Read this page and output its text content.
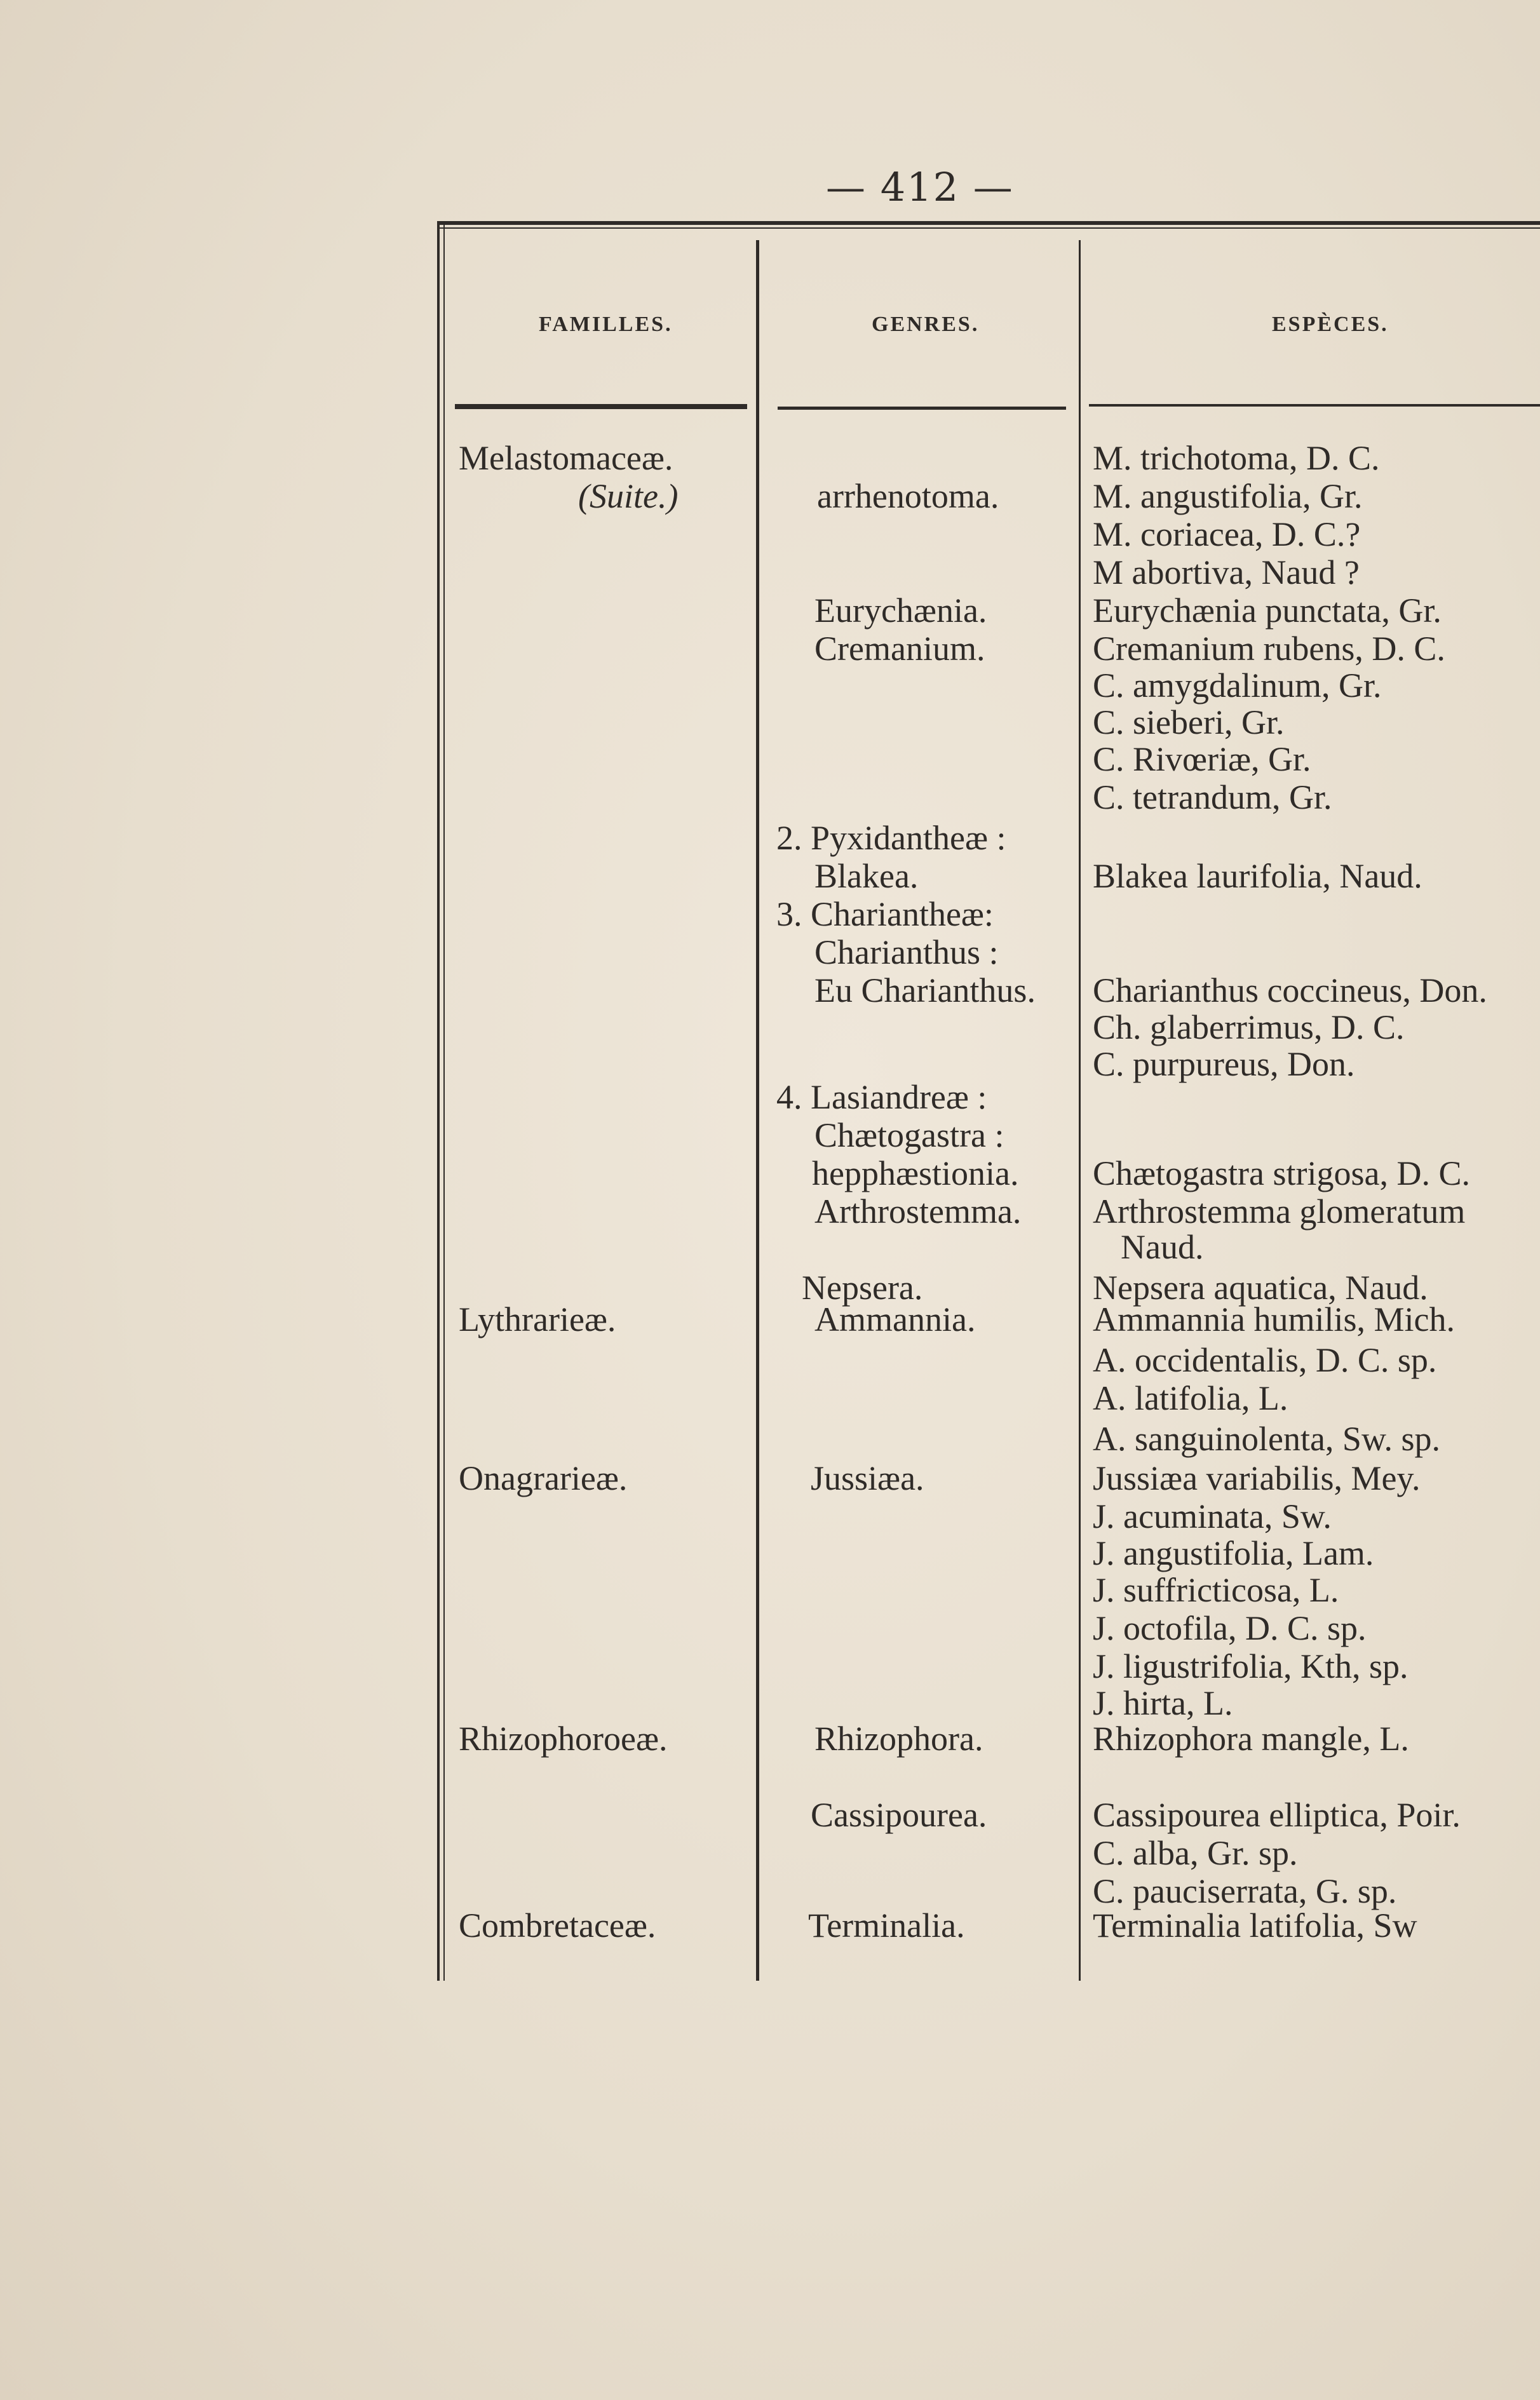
— 412 —
FAMILLES.	GENRES.	ESPÈCES.
Melastomaceæ.
(Suite.)
Lythrarieæ.
Onagrarieæ.
Rhizophoroeæ.
Combretaceæ.
arrhenotoma.
Eurychænia.
Cremanium.
2. Pyxidantheæ :
Blakea.
3. Chariantheæ:
Charianthus :
Eu Charianthus.
4. Lasiandreæ :
Chætogastra :
hepphæstionia.
Arthrostemma.
Nepsera.
Ammannia.
Jussiæa.
Rhizophora.
Cassipourea.
Terminalia.
M. trichotoma, D. C.
M. angustifolia, Gr.
M. coriacea, D. C.?
M abortiva, Naud ?
Eurychænia punctata, Gr.
Cremanium rubens, D. C.
C. amygdalinum, Gr.
C. sieberi, Gr.
C. Rivœriæ, Gr.
C. tetrandum, Gr.
Blakea laurifolia, Naud.
Charianthus coccineus, Don.
Ch. glaberrimus, D. C.
C. purpureus, Don.
Chætogastra strigosa, D. C.
Arthrostemma glomeratum
Naud.
Nepsera aquatica, Naud.
Ammannia humilis, Mich.
A. occidentalis, D. C. sp.
A. latifolia, L.
A. sanguinolenta, Sw. sp.
Jussiæa variabilis, Mey.
J. acuminata, Sw.
J. angustifolia, Lam.
J. suffricticosa, L.
J. octofila, D. C. sp.
J. ligustrifolia, Kth, sp.
J. hirta, L.
Rhizophora mangle, L.
Cassipourea elliptica, Poir.
C. alba, Gr. sp.
C. pauciserrata, G. sp.
Terminalia latifolia, Sw
